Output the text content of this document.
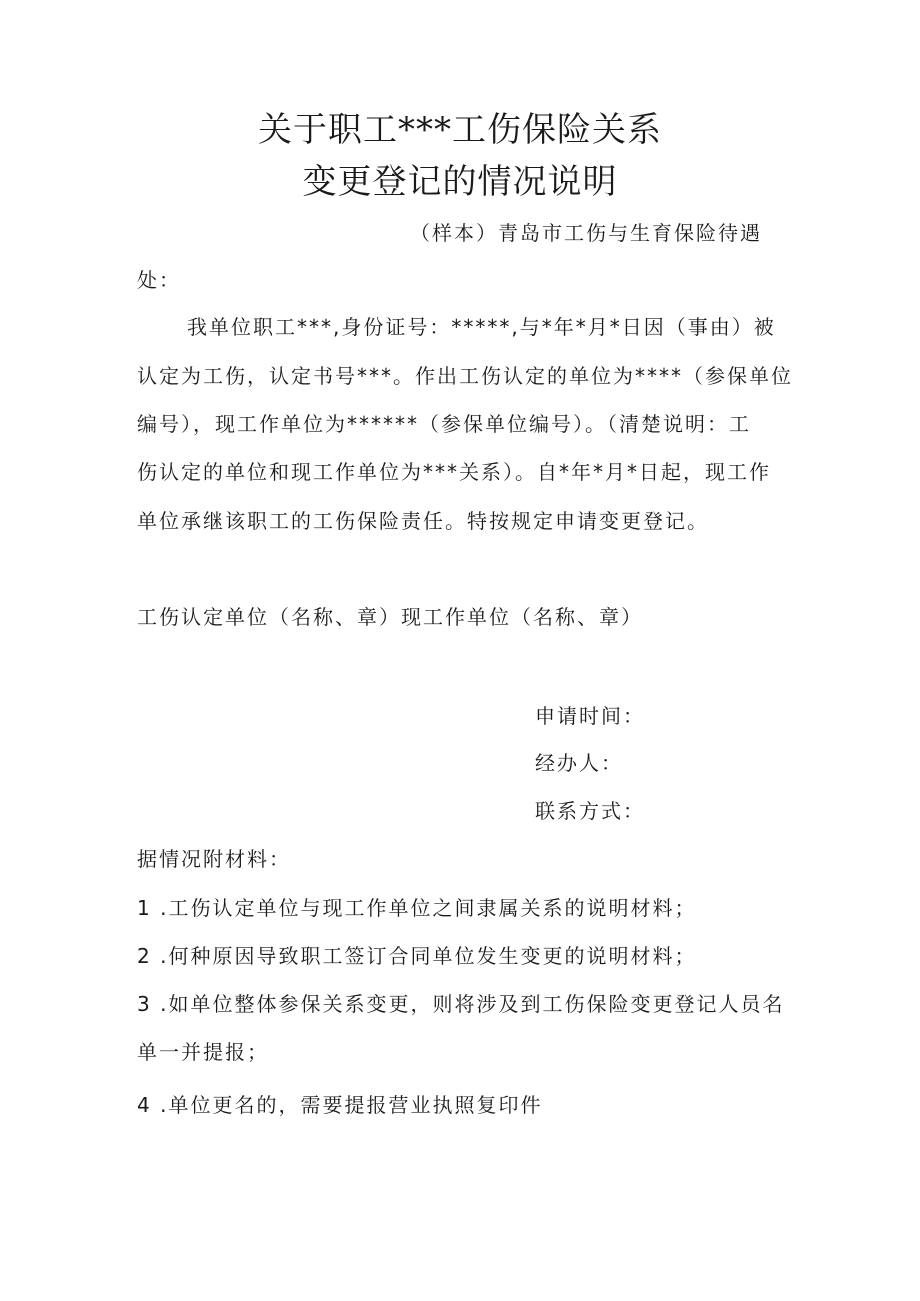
关于职工***工伤保险关系
变更登记的情况说明
（样本）青岛市工伤与生育保险待遇
处：
我单位职工***,身份证号：*****,与*年*月*日因（事由）被
认定为工伤，认定书号***。作出工伤认定的单位为****（参保单位
编号），现工作单位为******（参保单位编号）。（清楚说明：工
伤认定的单位和现工作单位为***关系）。自*年*月*日起，现工作
单位承继该职工的工伤保险责任。特按规定申请变更登记。
工伤认定单位（名称、章）现工作单位（名称、章）
申请时间：
经办人：
联系方式：
据情况附材料：
1 .工伤认定单位与现工作单位之间隶属关系的说明材料；
2 .何种原因导致职工签订合同单位发生变更的说明材料；
3 .如单位整体参保关系变更，则将涉及到工伤保险变更登记人员名
单一并提报；
4 .单位更名的，需要提报营业执照复印件
